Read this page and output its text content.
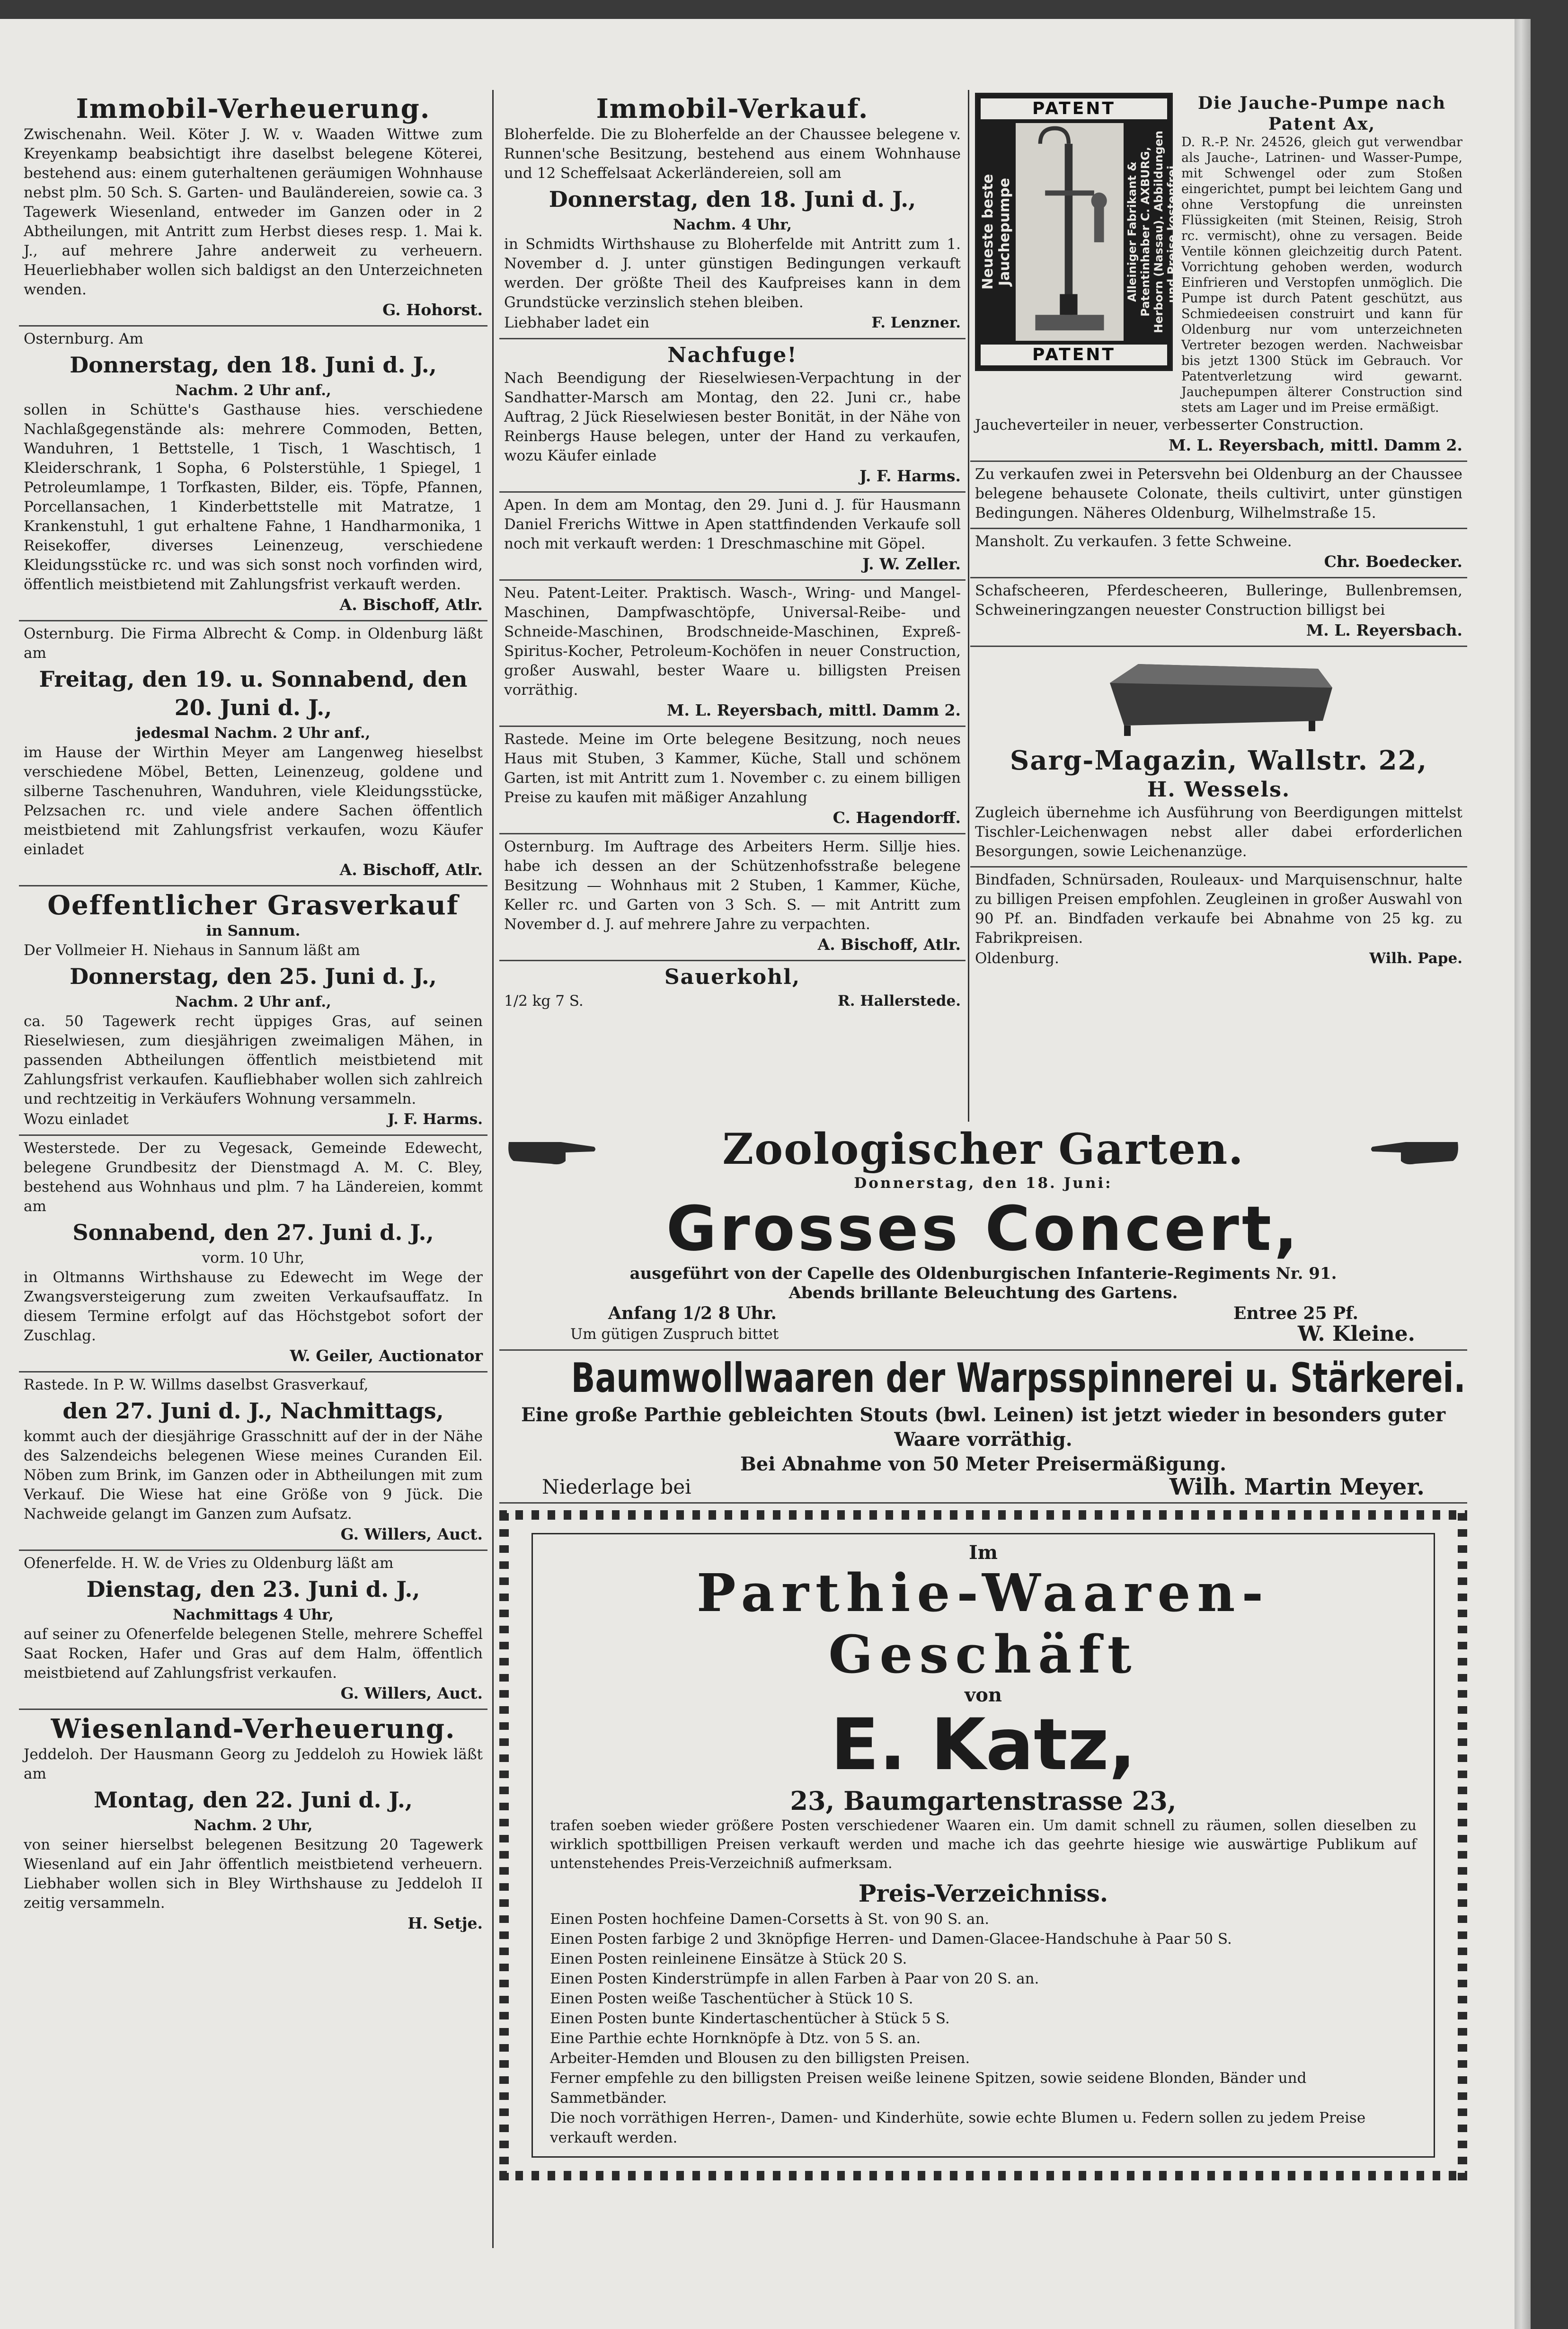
Immobil-Verheuerung.

Zwischenahn. Weil. Köter J. W. v. Waaden Wittwe zum Kreyenkamp beabsichtigt ihre daselbst belegene Köterei, bestehend aus: einem guterhaltenen geräumigen Wohnhause nebst plm. 50 Sch. S. Garten- und Bauländereien, sowie ca. 3 Tagewerk Wiesenland, entweder im Ganzen oder in 2 Abtheilungen, mit Antritt zum Herbst dieses resp. 1. Mai k. J., auf mehrere Jahre anderweit zu verheuern. Heuerliebhaber wollen sich baldigst an den Unterzeichneten wenden.

G. Hohorst.

Osternburg. Am

Donnerstag, den 18. Juni d. J.,

Nachm. 2 Uhr anf.,

sollen in Schütte's Gasthause hies. verschiedene Nachlaßgegenstände als: mehrere Commoden, Betten, Wanduhren, 1 Bettstelle, 1 Tisch, 1 Waschtisch, 1 Kleiderschrank, 1 Sopha, 6 Polsterstühle, 1 Spiegel, 1 Petroleumlampe, 1 Torfkasten, Bilder, eis. Töpfe, Pfannen, Porcellansachen, 1 Kinderbettstelle mit Matratze, 1 Krankenstuhl, 1 gut erhaltene Fahne, 1 Handharmonika, 1 Reisekoffer, diverses Leinenzeug, verschiedene Kleidungsstücke rc. und was sich sonst noch vorfinden wird, öffentlich meistbietend mit Zahlungsfrist verkauft werden.

A. Bischoff, Atlr.

Osternburg. Die Firma Albrecht & Comp. in Oldenburg läßt am

Freitag, den 19. u. Sonnabend, den 20. Juni d. J.,

jedesmal Nachm. 2 Uhr anf.,

im Hause der Wirthin Meyer am Langenweg hieselbst verschiedene Möbel, Betten, Leinenzeug, goldene und silberne Taschenuhren, Wanduhren, viele Kleidungsstücke, Pelzsachen rc. und viele andere Sachen öffentlich meistbietend mit Zahlungsfrist verkaufen, wozu Käufer einladet

A. Bischoff, Atlr.

Oeffentlicher Grasverkauf

in Sannum.

Der Vollmeier H. Niehaus in Sannum läßt am

Donnerstag, den 25. Juni d. J.,

Nachm. 2 Uhr anf.,

ca. 50 Tagewerk recht üppiges Gras, auf seinen Rieselwiesen, zum diesjährigen zweimaligen Mähen, in passenden Abtheilungen öffentlich meistbietend mit Zahlungsfrist verkaufen. Kaufliebhaber wollen sich zahlreich und rechtzeitig in Verkäufers Wohnung versammeln.

Wozu einladet	J. F. Harms.

Westerstede. Der zu Vegesack, Gemeinde Edewecht, belegene Grundbesitz der Dienstmagd A. M. C. Bley, bestehend aus Wohnhaus und plm. 7 ha Ländereien, kommt am

Sonnabend, den 27. Juni d. J.,

vorm. 10 Uhr,

in Oltmanns Wirthshause zu Edewecht im Wege der Zwangsversteigerung zum zweiten Verkaufsauffatz. In diesem Termine erfolgt auf das Höchstgebot sofort der Zuschlag.

W. Geiler, Auctionator

Rastede. In P. W. Willms daselbst Grasverkauf,

den 27. Juni d. J., Nachmittags,

kommt auch der diesjährige Grasschnitt auf der in der Nähe des Salzendeichs belegenen Wiese meines Curanden Eil. Nöben zum Brink, im Ganzen oder in Abtheilungen mit zum Verkauf. Die Wiese hat eine Größe von 9 Jück. Die Nachweide gelangt im Ganzen zum Aufsatz.

G. Willers, Auct.

Ofenerfelde. H. W. de Vries zu Oldenburg läßt am

Dienstag, den 23. Juni d. J.,

Nachmittags 4 Uhr,

auf seiner zu Ofenerfelde belegenen Stelle, mehrere Scheffel Saat Rocken, Hafer und Gras auf dem Halm, öffentlich meistbietend auf Zahlungsfrist verkaufen.

G. Willers, Auct.

Wiesenland-Verheuerung.

Jeddeloh. Der Hausmann Georg zu Jeddeloh zu Howiek läßt am

Montag, den 22. Juni d. J.,

Nachm. 2 Uhr,

von seiner hierselbst belegenen Besitzung 20 Tagewerk Wiesenland auf ein Jahr öffentlich meistbietend verheuern. Liebhaber wollen sich in Bley Wirthshause zu Jeddeloh II zeitig versammeln.

H. Setje.

Immobil-Verkauf.

Bloherfelde. Die zu Bloherfelde an der Chaussee belegene v. Runnen'sche Besitzung, bestehend aus einem Wohnhause und 12 Scheffelsaat Ackerländereien, soll am

Donnerstag, den 18. Juni d. J.,

Nachm. 4 Uhr,

in Schmidts Wirthshause zu Bloherfelde mit Antritt zum 1. November d. J. unter günstigen Bedingungen verkauft werden. Der größte Theil des Kaufpreises kann in dem Grundstücke verzinslich stehen bleiben.

Liebhaber ladet ein	F. Lenzner.

Nachfuge!

Nach Beendigung der Rieselwiesen-Verpachtung in der Sandhatter-Marsch am Montag, den 22. Juni cr., habe Auftrag, 2 Jück Rieselwiesen bester Bonität, in der Nähe von Reinbergs Hause belegen, unter der Hand zu verkaufen, wozu Käufer einlade

J. F. Harms.

Apen. In dem am Montag, den 29. Juni d. J. für Hausmann Daniel Frerichs Wittwe in Apen stattfindenden Verkaufe soll noch mit verkauft werden: 1 Dreschmaschine mit Göpel.

J. W. Zeller.

Neu. Patent-Leiter. Praktisch. Wasch-, Wring- und Mangel-Maschinen, Dampfwaschtöpfe, Universal-Reibe- und Schneide-Maschinen, Brodschneide-Maschinen, Expreß-Spiritus-Kocher, Petroleum-Kochöfen in neuer Construction, großer Auswahl, bester Waare u. billigsten Preisen vorräthig.

M. L. Reyersbach, mittl. Damm 2.

Rastede. Meine im Orte belegene Besitzung, noch neues Haus mit Stuben, 3 Kammer, Küche, Stall und schönem Garten, ist mit Antritt zum 1. November c. zu einem billigen Preise zu kaufen mit mäßiger Anzahlung

C. Hagendorff.

Osternburg. Im Auftrage des Arbeiters Herm. Sillje hies. habe ich dessen an der Schützenhofsstraße belegene Besitzung — Wohnhaus mit 2 Stuben, 1 Kammer, Küche, Keller rc. und Garten von 3 Sch. S. — mit Antritt zum November d. J. auf mehrere Jahre zu verpachten.

A. Bischoff, Atlr.

Sauerkohl,

1/2 kg 7 S.	R. Hallerstede.
PATENT
Neueste beste Jauchepumpe	Alleiniger Fabrikant & Patentinhaber C. AXBURG, Herborn (Nassau). Abbildungen und Preise kostenfrei.
PATENT

Die Jauche-Pumpe nach Patent Ax,

D. R.-P. Nr. 24526, gleich gut verwendbar als Jauche-, Latrinen- und Wasser-Pumpe, mit Schwengel oder zum Stoßen eingerichtet, pumpt bei leichtem Gang und ohne Verstopfung die unreinsten Flüssigkeiten (mit Steinen, Reisig, Stroh rc. vermischt), ohne zu versagen. Beide Ventile können gleichzeitig durch Patent. Vorrichtung gehoben werden, wodurch Einfrieren und Verstopfen unmöglich. Die Pumpe ist durch Patent geschützt, aus Schmiedeeisen construirt und kann für Oldenburg nur vom unterzeichneten Vertreter bezogen werden. Nachweisbar bis jetzt 1300 Stück im Gebrauch. Vor Patentverletzung wird gewarnt. Jauchepumpen älterer Construction sind stets am Lager und im Preise ermäßigt.

Jaucheverteiler in neuer, verbesserter Construction.

M. L. Reyersbach, mittl. Damm 2.

Zu verkaufen zwei in Petersvehn bei Oldenburg an der Chaussee belegene behausete Colonate, theils cultivirt, unter günstigen Bedingungen. Näheres Oldenburg, Wilhelmstraße 15.

Mansholt. Zu verkaufen. 3 fette Schweine.

Chr. Boedecker.

Schafscheeren, Pferdescheeren, Bulleringe, Bullenbremsen, Schweineringzangen neuester Construction billigst bei

M. L. Reyersbach.

Sarg-Magazin, Wallstr. 22,

H. Wessels.

Zugleich übernehme ich Ausführung von Beerdigungen mittelst Tischler-Leichenwagen nebst aller dabei erforderlichen Besorgungen, sowie Leichenanzüge.

Bindfaden, Schnürsaden, Rouleaux- und Marquisenschnur, halte zu billigen Preisen empfohlen. Zeugleinen in großer Auswahl von 90 Pf. an. Bindfaden verkaufe bei Abnahme von 25 kg. zu Fabrikpreisen.

Oldenburg.	Wilh. Pape.

Zoologischer Garten.

Donnerstag, den 18. Juni:

Grosses Concert,

ausgeführt von der Capelle des Oldenburgischen Infanterie-Regiments Nr. 91.

Abends brillante Beleuchtung des Gartens.

Anfang 1/2 8 Uhr.	Entree 25 Pf.
Um gütigen Zuspruch bittet	W. Kleine.

Baumwollwaaren der Warpsspinnerei u. Stärkerei.

Eine große Parthie gebleichten Stouts (bwl. Leinen) ist jetzt wieder in besonders guter Waare vorräthig.

Bei Abnahme von 50 Meter Preisermäßigung.

Niederlage bei	Wilh. Martin Meyer.

Im

Parthie-Waaren-Geschäft

von

E. Katz,

23, Baumgartenstrasse 23,

trafen soeben wieder größere Posten verschiedener Waaren ein. Um damit schnell zu räumen, sollen dieselben zu wirklich spottbilligen Preisen verkauft werden und mache ich das geehrte hiesige wie auswärtige Publikum auf untenstehendes Preis-Verzeichniß aufmerksam.

Preis-Verzeichniss.

Einen Posten hochfeine Damen-Corsetts à St. von 90 S. an.
Einen Posten farbige 2 und 3knöpfige Herren- und Damen-Glacee-Handschuhe à Paar 50 S.
Einen Posten reinleinene Einsätze à Stück 20 S.
Einen Posten Kinderstrümpfe in allen Farben à Paar von 20 S. an.
Einen Posten weiße Taschentücher à Stück 10 S.
Einen Posten bunte Kindertaschentücher à Stück 5 S.
Eine Parthie echte Hornknöpfe à Dtz. von 5 S. an.
Arbeiter-Hemden und Blousen zu den billigsten Preisen.
Ferner empfehle zu den billigsten Preisen weiße leinene Spitzen, sowie seidene Blonden, Bänder und Sammetbänder.
Die noch vorräthigen Herren-, Damen- und Kinderhüte, sowie echte Blumen u. Federn sollen zu jedem Preise verkauft werden.
